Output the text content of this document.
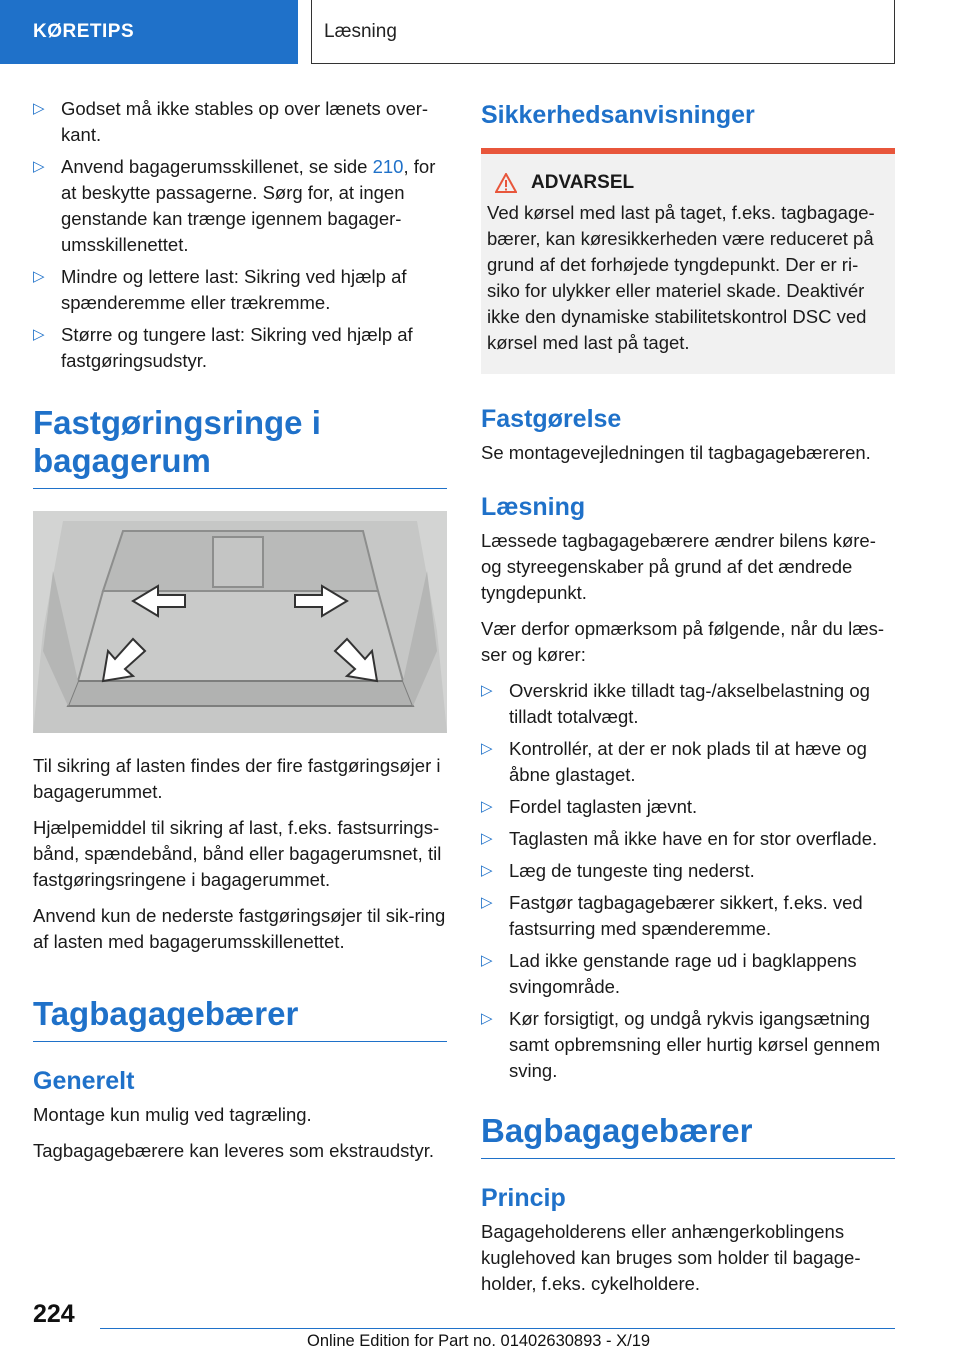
KØRETIPS	Læsning
▷ Godset må ikke stables op over lænets over-kant.
▷ Anvend bagagerumsskillenet, se side 210, for at beskytte passagerne. Sørg for, at ingen genstande kan trænge igennem bagager-umsskillenettet.
▷ Mindre og lettere last: Sikring ved hjælp af spænderemme eller trækremme.
▷ Større og tungere last: Sikring ved hjælp af fastgøringsudstyr.
Fastgøringsringe i bagagerum

Til sikring af lasten findes der fire fastgøringsøjer i bagagerummet.

Hjælpemiddel til sikring af last, f.eks. fastsurrings-bånd, spændebånd, bånd eller bagagerumsnet, til fastgøringsringene i bagagerummet.

Anvend kun de nederste fastgøringsøjer til sik-ring af lasten med bagagerumsskillenettet.

Tagbagagebærer
Generelt

Montage kun mulig ved tagræling.

Tagbagagebærere kan leveres som ekstraudstyr.

Sikkerhedsanvisninger
ADVARSEL

Ved kørsel med last på taget, f.eks. tagbagage-bærer, kan køresikkerheden være reduceret på grund af det forhøjede tyngdepunkt. Der er ri-siko for ulykker eller materiel skade. Deaktivér ikke den dynamiske stabilitetskontrol DSC ved kørsel med last på taget.

Fastgørelse

Se montagevejledningen til tagbagagebæreren.

Læsning

Læssede tagbagagebærere ændrer bilens køre- og styreegenskaber på grund af det ændrede tyngdepunkt.

Vær derfor opmærksom på følgende, når du læs-ser og kører:

▷ Overskrid ikke tilladt tag-/akselbelastning og tilladt totalvægt.
▷ Kontrollér, at der er nok plads til at hæve og åbne glastaget.
▷ Fordel taglasten jævnt.
▷ Taglasten må ikke have en for stor overflade.
▷ Læg de tungeste ting nederst.
▷ Fastgør tagbagagebærer sikkert, f.eks. ved fastsurring med spænderemme.
▷ Lad ikke genstande rage ud i bagklappens svingområde.
▷ Kør forsigtigt, og undgå rykvis igangsætning samt opbremsning eller hurtig kørsel gennem sving.
Bagbagagebærer
Princip

Bagageholderens eller anhængerkoblingens kuglehoved kan bruges som holder til bagage-holder, f.eks. cykelholdere.

224
Online Edition for Part no. 01402630893 - X/19
